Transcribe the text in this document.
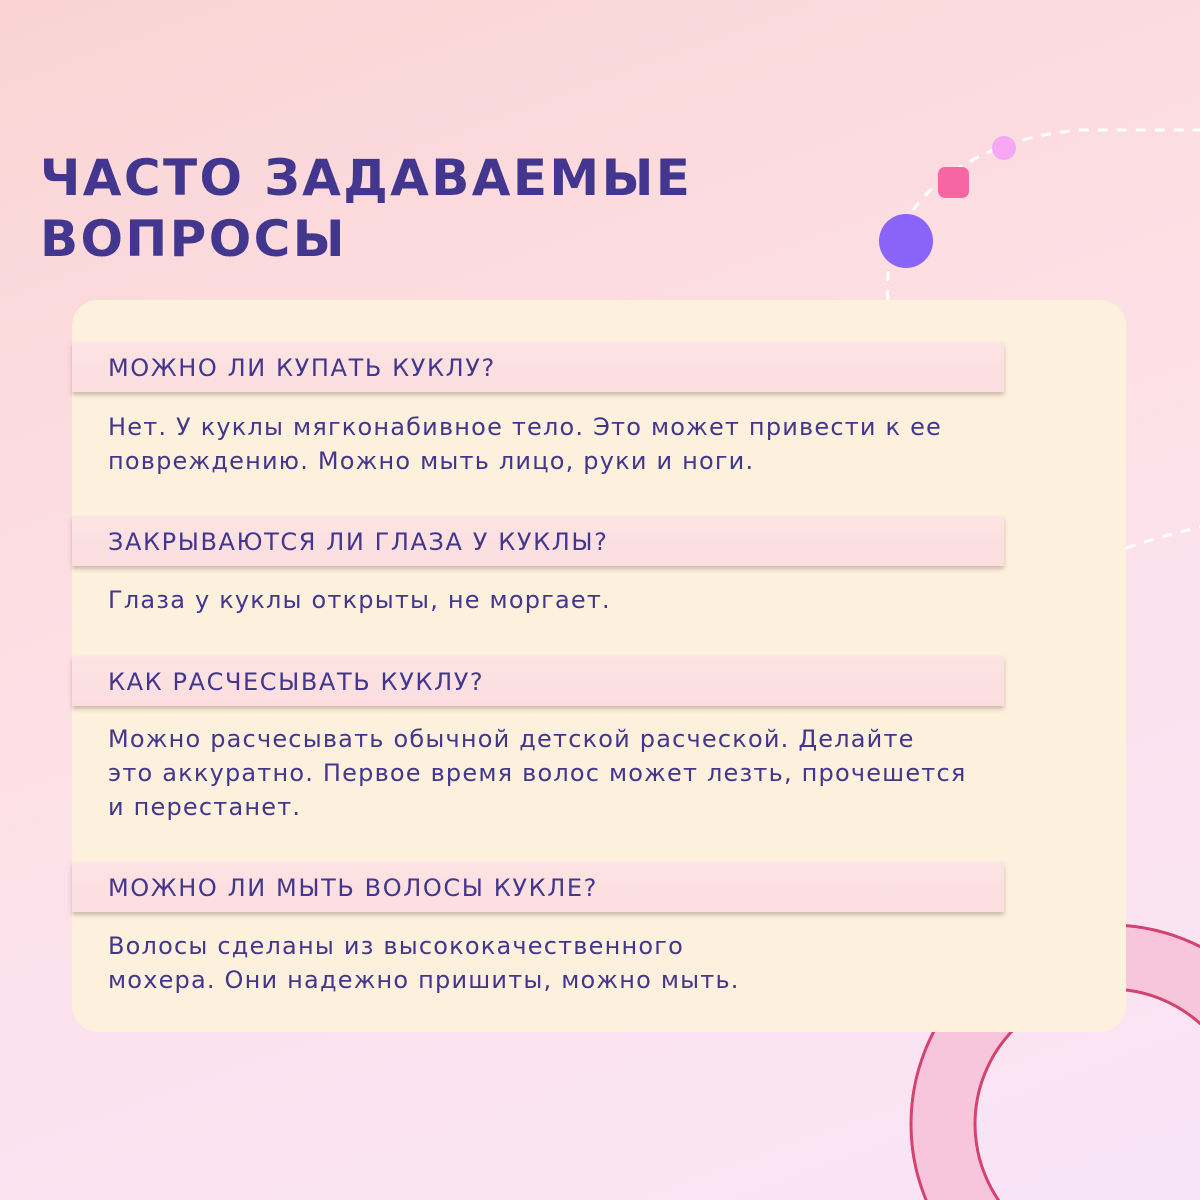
ЧАСТО ЗАДАВАЕМЫЕ
ВОПРОСЫ
МОЖНО ЛИ КУПАТЬ КУКЛУ?

Нет. У куклы мягконабивное тело. Это может привести к ее
повреждению. Можно мыть лицо, руки и ноги.

ЗАКРЫВАЮТСЯ ЛИ ГЛАЗА У КУКЛЫ?

Глаза у куклы открыты, не моргает.

КАК РАСЧЕСЫВАТЬ КУКЛУ?

Можно расчесывать обычной детской расческой. Делайте
это аккуратно. Первое время волос может лезть, прочешется
и перестанет.

МОЖНО ЛИ МЫТЬ ВОЛОСЫ КУКЛЕ?

Волосы сделаны из высококачественного
мохера. Они надежно пришиты, можно мыть.
